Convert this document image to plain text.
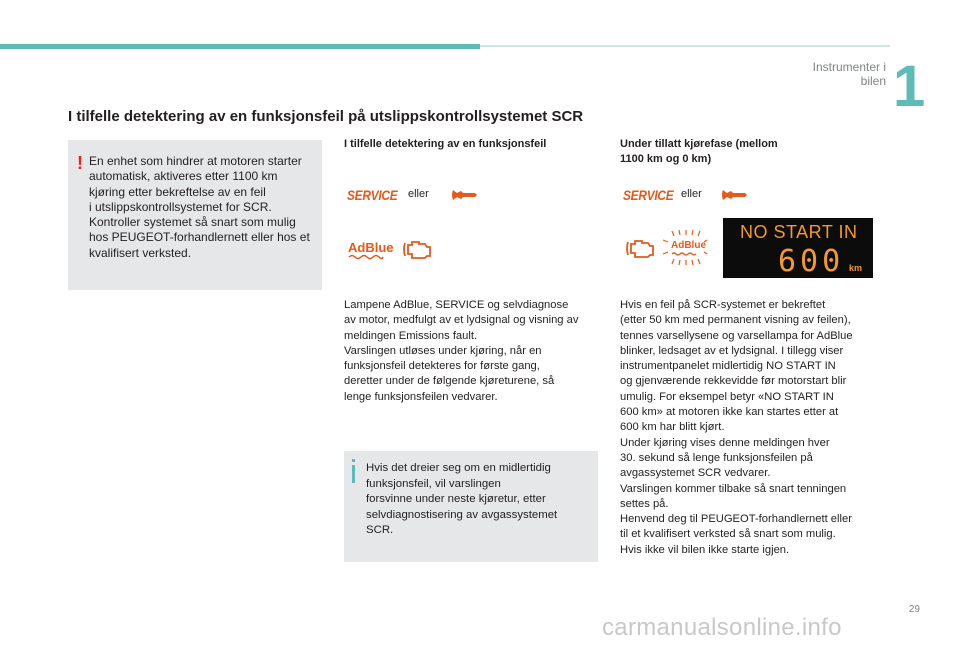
Instrumenter i bilen 1
I tilfelle detektering av en funksjonsfeil på utslippskontrollsystemet SCR
! En enhet som hindrer at motoren starter
automatisk, aktiveres etter 1100 km
kjøring etter bekreftelse av en feil
i utslippskontrollsystemet for SCR.
Kontroller systemet så snart som mulig
hos PEUGEOT-forhandlernett eller hos et
kvalifisert verksted.
I tilfelle detektering av en funksjonsfeil
SERVICE eller
AdBlue
Lampene AdBlue, SERVICE og selvdiagnose
av motor, medfulgt av et lydsignal og visning av
meldingen Emissions fault.
Varslingen utløses under kjøring, når en
funksjonsfeil detekteres for første gang,
deretter under de følgende kjøreturene, så
lenge funksjonsfeilen vedvarer.
Hvis det dreier seg om en midlertidig
funksjonsfeil, vil varslingen
forsvinne under neste kjøretur, etter
selvdiagnostisering av avgassystemet
SCR.
Under tillatt kjørefase (mellom
1100 km og 0 km)
SERVICE eller
AdBlue
NO START IN
600 km
Hvis en feil på SCR-systemet er bekreftet
(etter 50 km med permanent visning av feilen),
tennes varsellysene og varsellampa for AdBlue
blinker, ledsaget av et lydsignal. I tillegg viser
instrumentpanelet midlertidig NO START IN
og gjenværende rekkevidde før motorstart blir
umulig. For eksempel betyr «NO START IN
600 km» at motoren ikke kan startes etter at
600 km har blitt kjørt.
Under kjøring vises denne meldingen hver
30. sekund så lenge funksjonsfeilen på
avgassystemet SCR vedvarer.
Varslingen kommer tilbake så snart tenningen
settes på.
Henvend deg til PEUGEOT-forhandlernett eller
til et kvalifisert verksted så snart som mulig.
Hvis ikke vil bilen ikke starte igjen.
29
carmanualsonline.info
